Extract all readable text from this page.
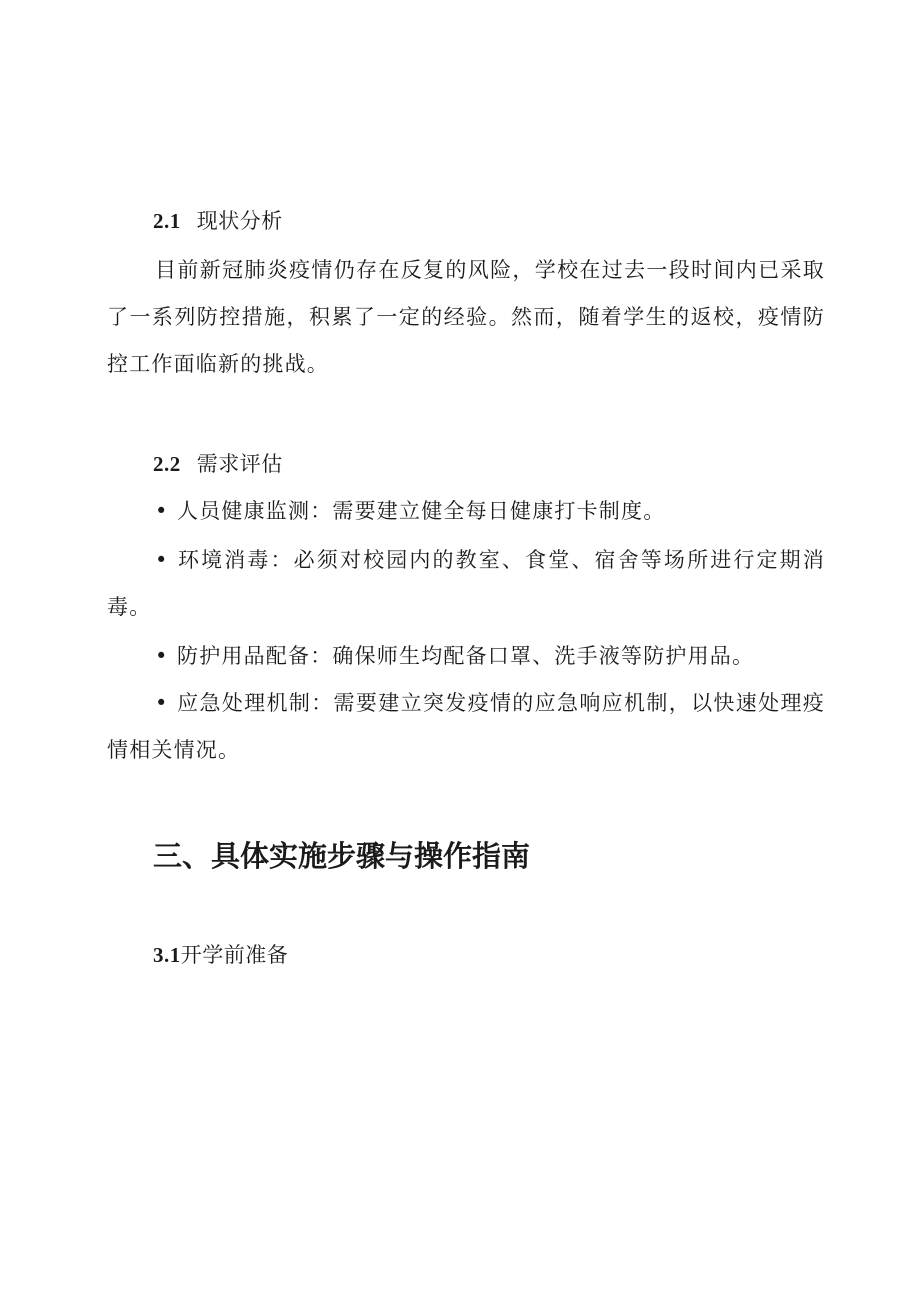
2.1 现状分析
目前新冠肺炎疫情仍存在反复的风险，学校在过去一段时间内已采取了一系列防控措施，积累了一定的经验。然而，随着学生的返校，疫情防控工作面临新的挑战。
2.2 需求评估
• 人员健康监测：需要建立健全每日健康打卡制度。
• 环境消毒：必须对校园内的教室、食堂、宿舍等场所进行定期消毒。
• 防护用品配备：确保师生均配备口罩、洗手液等防护用品。
• 应急处理机制：需要建立突发疫情的应急响应机制，以快速处理疫情相关情况。
三、具体实施步骤与操作指南
3.1开学前准备
